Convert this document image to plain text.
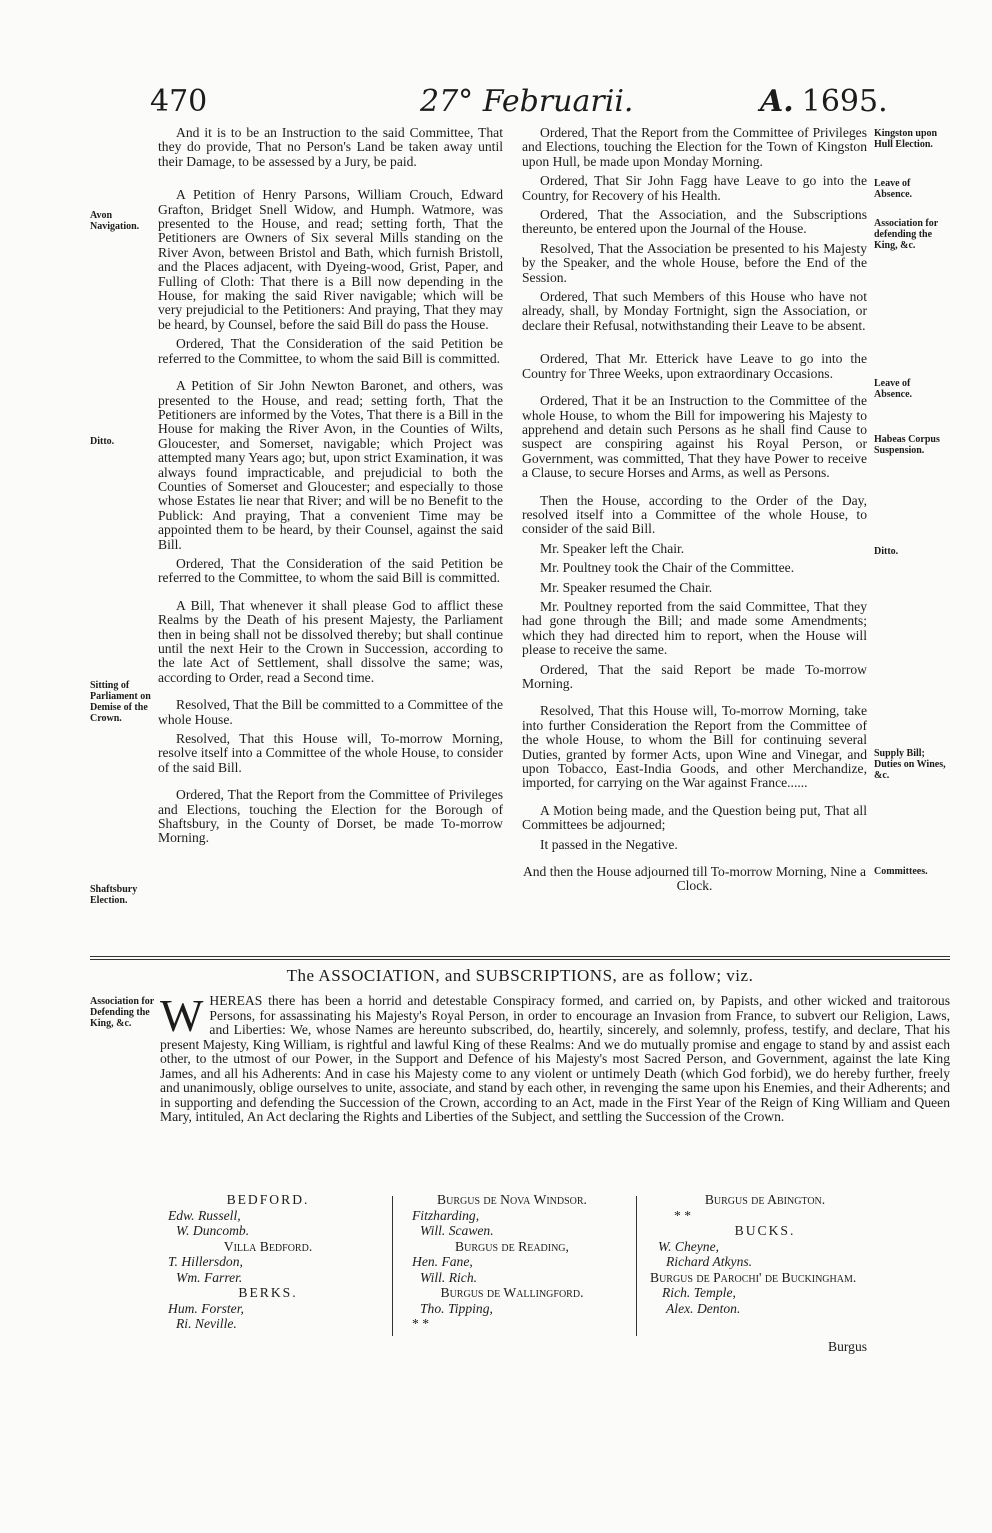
470	27° Februarii.	A. 1695.

And it is to be an Instruction to the said Committee, That they do provide, That no Person's Land be taken away until their Damage, to be assessed by a Jury, be paid.

A Petition of Henry Parsons, William Crouch, Edward Grafton, Bridget Snell Widow, and Humph. Watmore, was presented to the House, and read; setting forth, That the Petitioners are Owners of Six several Mills standing on the River Avon, between Bristol and Bath, which furnish Bristoll, and the Places adjacent, with Dyeing-wood, Grist, Paper, and Fulling of Cloth: That there is a Bill now depending in the House, for making the said River navigable; which will be very prejudicial to the Petitioners: And praying, That they may be heard, by Counsel, before the said Bill do pass the House.

Ordered, That the Consideration of the said Petition be referred to the Committee, to whom the said Bill is committed.

A Petition of Sir John Newton Baronet, and others, was presented to the House, and read; setting forth, That the Petitioners are informed by the Votes, That there is a Bill in the House for making the River Avon, in the Counties of Wilts, Gloucester, and Somerset, navigable; which Project was attempted many Years ago; but, upon strict Examination, it was always found impracticable, and prejudicial to both the Counties of Somerset and Gloucester; and especially to those whose Estates lie near that River; and will be no Benefit to the Publick: And praying, That a convenient Time may be appointed them to be heard, by their Counsel, against the said Bill.

Ordered, That the Consideration of the said Petition be referred to the Committee, to whom the said Bill is committed.

A Bill, That whenever it shall please God to afflict these Realms by the Death of his present Majesty, the Parliament then in being shall not be dissolved thereby; but shall continue until the next Heir to the Crown in Succession, according to the late Act of Settlement, shall dissolve the same; was, according to Order, read a Second time.

Resolved, That the Bill be committed to a Committee of the whole House.

Resolved, That this House will, To-morrow Morning, resolve itself into a Committee of the whole House, to consider of the said Bill.

Ordered, That the Report from the Committee of Privileges and Elections, touching the Election for the Borough of Shaftsbury, in the County of Dorset, be made To-morrow Morning.

Ordered, That the Report from the Committee of Privileges and Elections, touching the Election for the Town of Kingston upon Hull, be made upon Monday Morning.

Ordered, That Sir John Fagg have Leave to go into the Country, for Recovery of his Health.

Ordered, That the Association, and the Subscriptions thereunto, be entered upon the Journal of the House.

Resolved, That the Association be presented to his Majesty by the Speaker, and the whole House, before the End of the Session.

Ordered, That such Members of this House who have not already, shall, by Monday Fortnight, sign the Association, or declare their Refusal, notwithstanding their Leave to be absent.

Ordered, That Mr. Etterick have Leave to go into the Country for Three Weeks, upon extraordinary Occasions.

Ordered, That it be an Instruction to the Committee of the whole House, to whom the Bill for impowering his Majesty to apprehend and detain such Persons as he shall find Cause to suspect are conspiring against his Royal Person, or Government, was committed, That they have Power to receive a Clause, to secure Horses and Arms, as well as Persons.

Then the House, according to the Order of the Day, resolved itself into a Committee of the whole House, to consider of the said Bill.

Mr. Speaker left the Chair.

Mr. Poultney took the Chair of the Committee.

Mr. Speaker resumed the Chair.

Mr. Poultney reported from the said Committee, That they had gone through the Bill; and made some Amendments; which they had directed him to report, when the House will please to receive the same.

Ordered, That the said Report be made To-morrow Morning.

Resolved, That this House will, To-morrow Morning, take into further Consideration the Report from the Committee of the whole House, to whom the Bill for continuing several Duties, granted by former Acts, upon Wine and Vinegar, and upon Tobacco, East-India Goods, and other Merchandize, imported, for carrying on the War against France......

A Motion being made, and the Question being put, That all Committees be adjourned;

It passed in the Negative.

And then the House adjourned till To-morrow Morning, Nine a Clock.

Avon Navigation.
Ditto.
Sitting of Parliament on Demise of the Crown.
Shaftsbury Election.
Association for Defending the King, &c.
Kingston upon Hull Election.
Leave of Absence.
Association for defending the King, &c.
Leave of Absence.
Habeas Corpus Suspension.
Ditto.
Supply Bill; Duties on Wines, &c.
Committees.
The ASSOCIATION, and SUBSCRIPTIONS, are as follow; viz.
WHEREAS there has been a horrid and detestable Conspiracy formed, and carried on, by Papists, and other wicked and traitorous Persons, for assassinating his Majesty's Royal Person, in order to encourage an Invasion from France, to subvert our Religion, Laws, and Liberties: We, whose Names are hereunto subscribed, do, heartily, sincerely, and solemnly, profess, testify, and declare, That his present Majesty, King William, is rightful and lawful King of these Realms: And we do mutually promise and engage to stand by and assist each other, to the utmost of our Power, in the Support and Defence of his Majesty's most Sacred Person, and Government, against the late King James, and all his Adherents: And in case his Majesty come to any violent or untimely Death (which God forbid), we do hereby further, freely and unanimously, oblige ourselves to unite, associate, and stand by each other, in revenging the same upon his Enemies, and their Adherents; and in supporting and defending the Succession of the Crown, according to an Act, made in the First Year of the Reign of King William and Queen Mary, intituled, An Act declaring the Rights and Liberties of the Subject, and settling the Succession of the Crown.
BEDFORD.
Edw. Russell,
W. Duncomb.
Villa Bedford.
T. Hillersdon,
Wm. Farrer.
BERKS.
Hum. Forster,
Ri. Neville.
Burgus de Nova Windsor.
Fitzharding,
Will. Scawen.
Burgus de Reading,
Hen. Fane,
Will. Rich.
Burgus de Wallingford.
Tho. Tipping,
* *
Burgus de Abington.
* *
BUCKS.
W. Cheyne,
Richard Atkyns.
Burgus de Parochi' de Buckingham.
Rich. Temple,
Alex. Denton.
Burgus
